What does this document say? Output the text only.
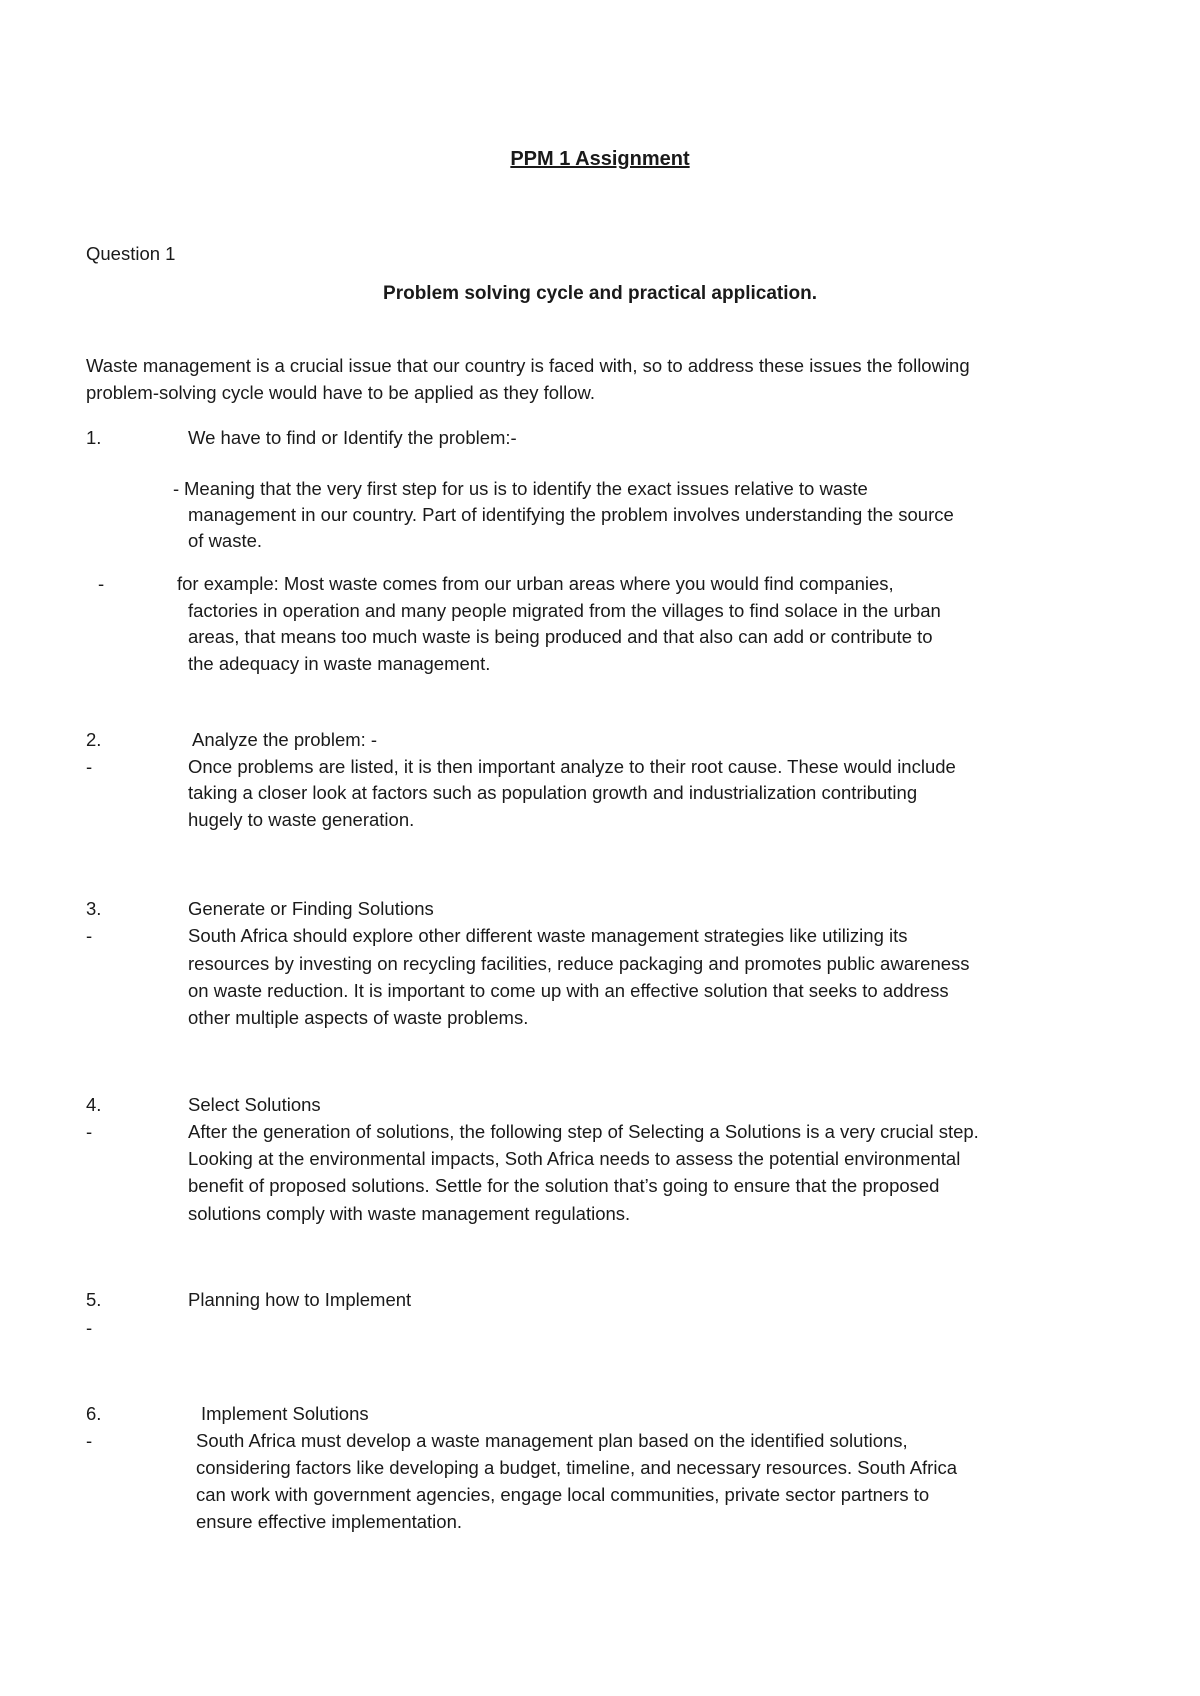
PPM 1 Assignment
Question 1
Problem solving cycle and practical application.
Waste management is a crucial issue that our country is faced with, so to address these issues the following
problem-solving cycle would have to be applied as they follow.
1.	We have to find or Identify the problem:-
- Meaning that the very first step for us is to identify the exact issues relative to waste
management in our country. Part of identifying the problem involves understanding the source
of waste.
-	for example: Most waste comes from our urban areas where you would find companies,
factories in operation and many people migrated from the villages to find solace in the urban
areas, that means too much waste is being produced and that also can add or contribute to
the adequacy in waste management.
2.	Analyze the problem: -
-	Once problems are listed, it is then important analyze to their root cause. These would include
taking a closer look at factors such as population growth and industrialization contributing
hugely to waste generation.
3.	Generate or Finding Solutions
-	South Africa should explore other different waste management strategies like utilizing its
resources by investing on recycling facilities, reduce packaging and promotes public awareness
on waste reduction. It is important to come up with an effective solution that seeks to address
other multiple aspects of waste problems.
4.	Select Solutions
-	After the generation of solutions, the following step of Selecting a Solutions is a very crucial step.
Looking at the environmental impacts, Soth Africa needs to assess the potential environmental
benefit of proposed solutions. Settle for the solution that’s going to ensure that the proposed
solutions comply with waste management regulations.
5.	Planning how to Implement
-
6.	Implement Solutions
-	South Africa must develop a waste management plan based on the identified solutions,
considering factors like developing a budget, timeline, and necessary resources. South Africa
can work with government agencies, engage local communities, private sector partners to
ensure effective implementation.
